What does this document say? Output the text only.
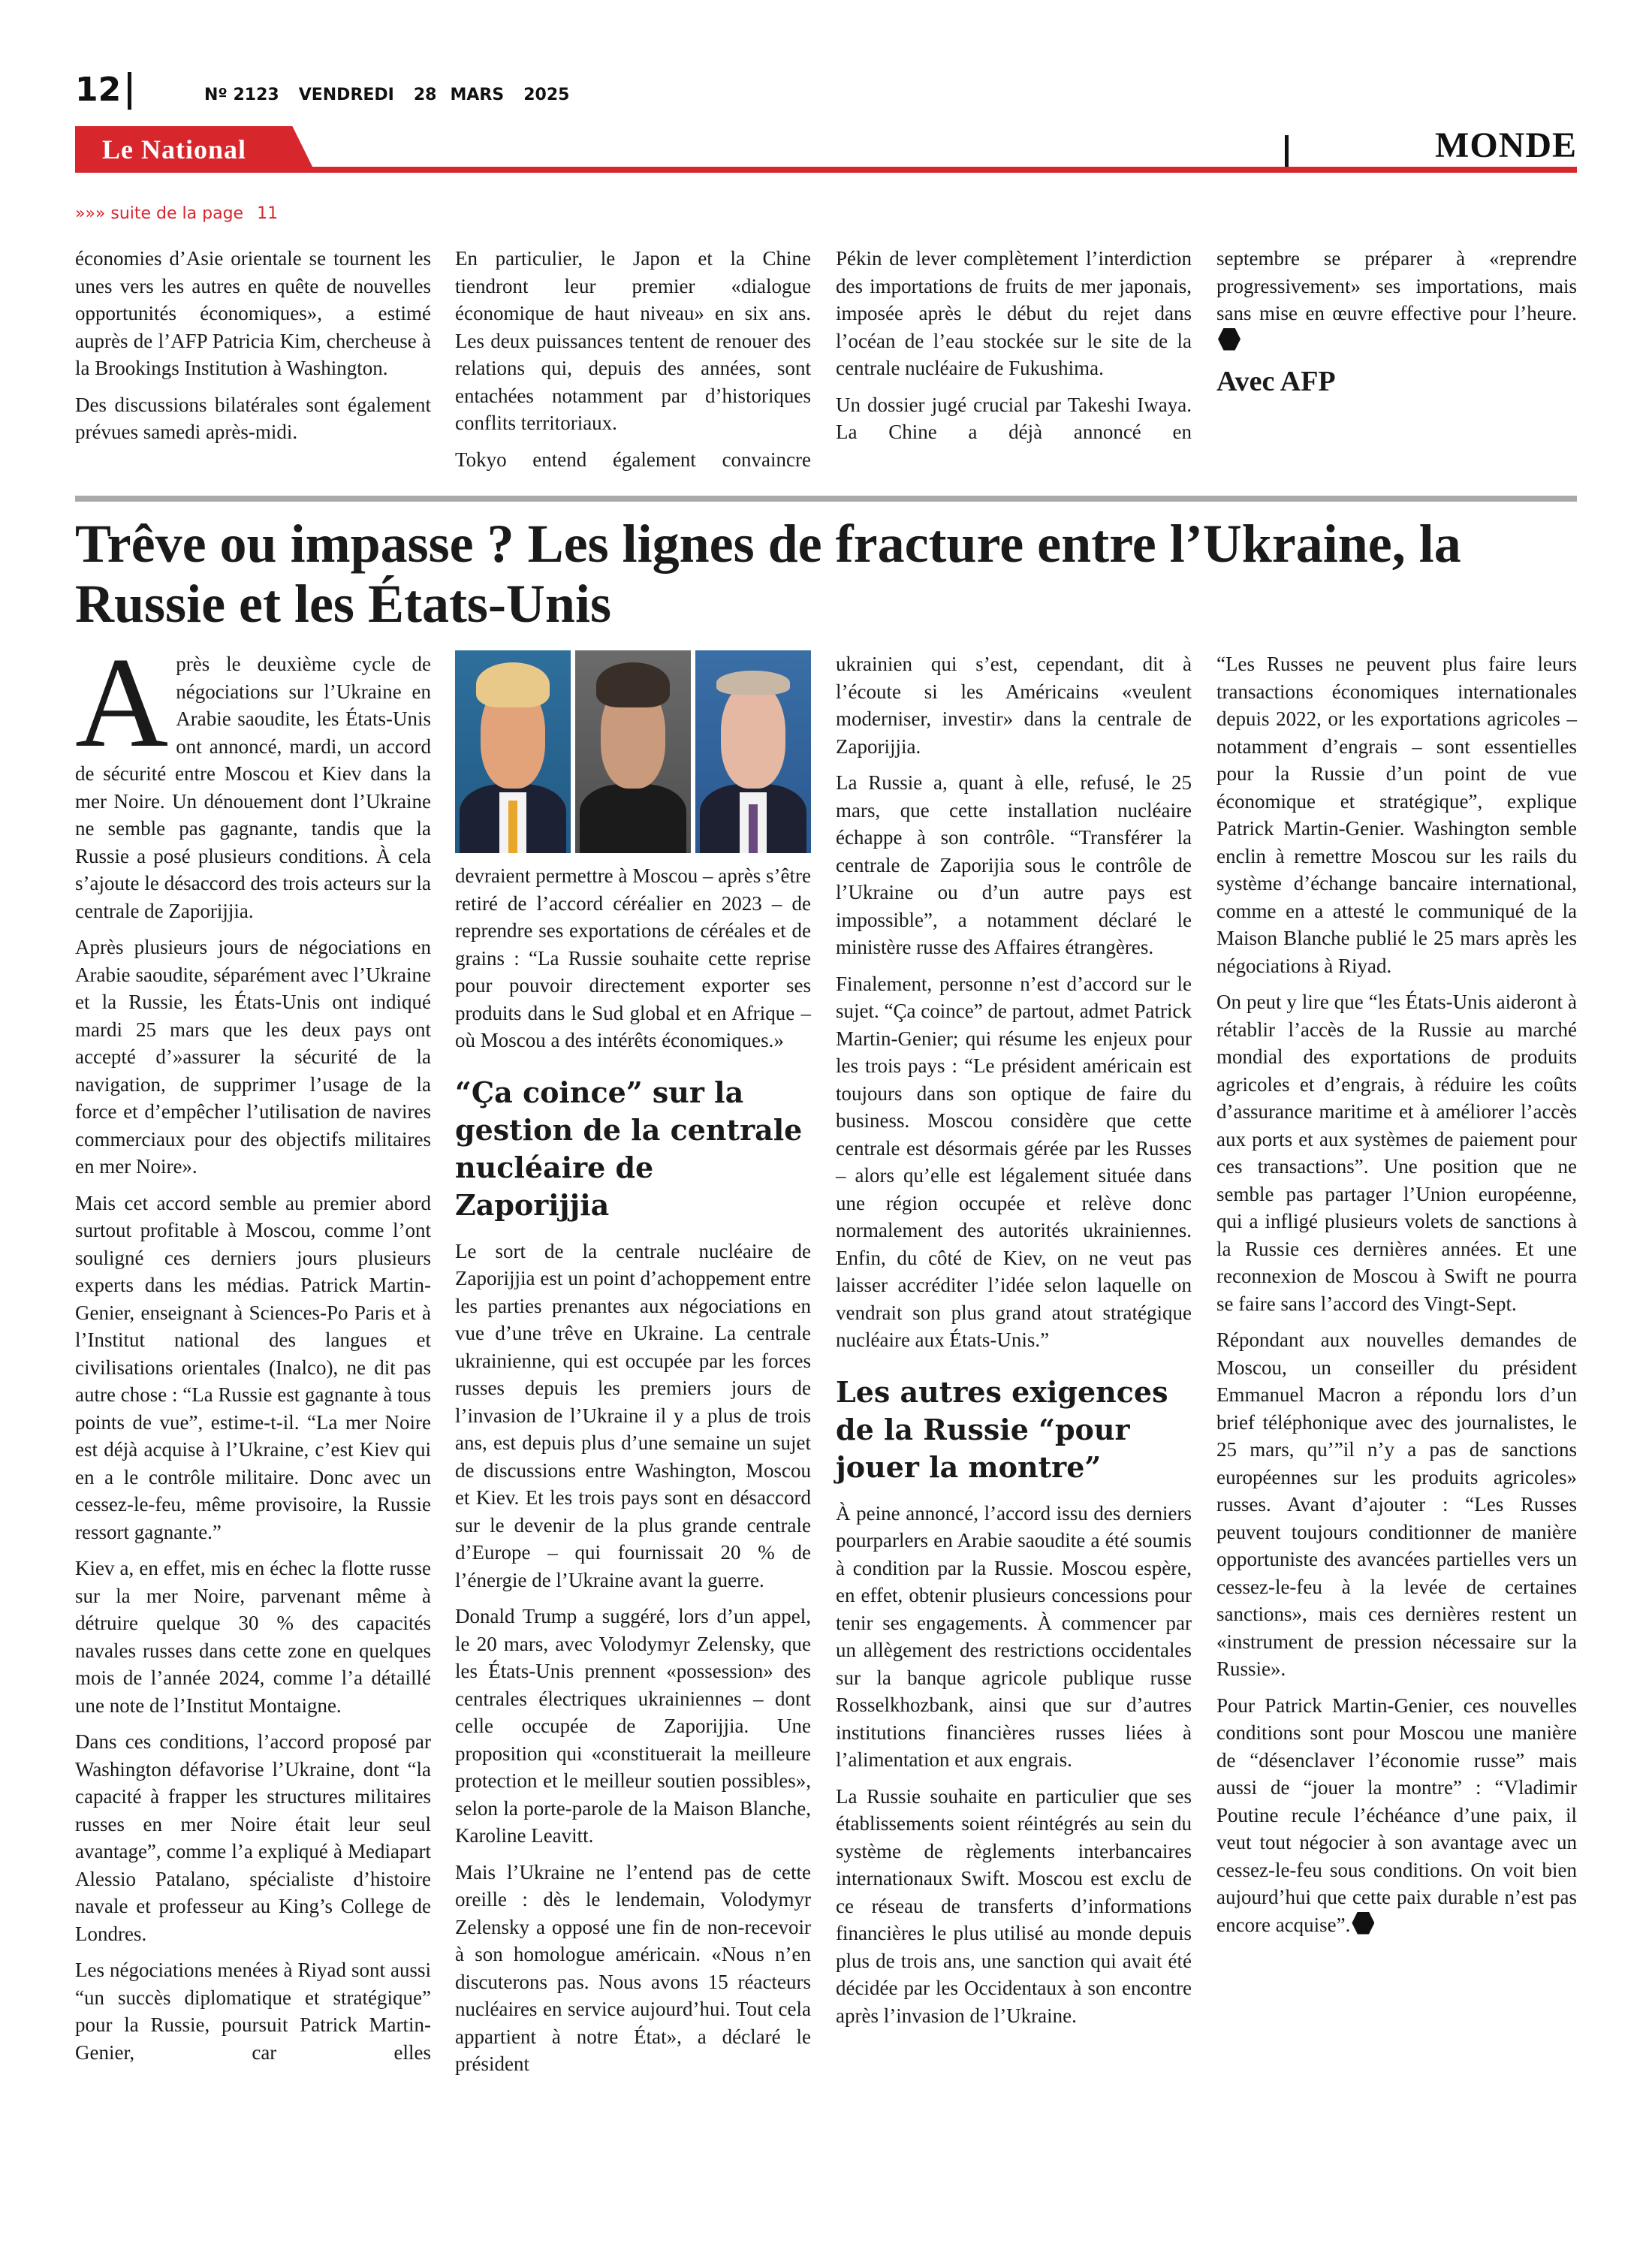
12	Nº 2123 VENDREDI 28 MARS 2025
Le National	MONDE
»»» suite de la page 11

économies d’Asie orientale se tournent les unes vers les autres en quête de nouvelles opportunités économiques», a estimé auprès de l’AFP Patricia Kim, chercheuse à la Brookings Institution à Washington.

Des discussions bilatérales sont également prévues samedi après-midi.

En particulier, le Japon et la Chine tiendront leur premier «dialogue économique de haut niveau» en six ans. Les deux puissances tentent de renouer des relations qui, depuis des années, sont entachées notamment par d’historiques conflits territoriaux.

Tokyo entend également convaincre

Pékin de lever complètement l’interdiction des importations de fruits de mer japonais, imposée après le début du rejet dans l’océan de l’eau stockée sur le site de la centrale nucléaire de Fukushima.

Un dossier jugé crucial par Takeshi Iwaya. La Chine a déjà annoncé en

septembre se préparer à «reprendre progressivement» ses importations, mais sans mise en œuvre effective pour l’heure.

Avec AFP
Trêve ou impasse ? Les lignes de fracture entre l’Ukraine, la Russie et les États-Unis

Après le deuxième cycle de négociations sur l’Ukraine en Arabie saoudite, les États-Unis ont annoncé, mardi, un accord de sécurité entre Moscou et Kiev dans la mer Noire. Un dénouement dont l’Ukraine ne semble pas gagnante, tandis que la Russie a posé plusieurs conditions. À cela s’ajoute le désaccord des trois acteurs sur la centrale de Zaporijjia.

Après plusieurs jours de négociations en Arabie saoudite, séparément avec l’Ukraine et la Russie, les États-Unis ont indiqué mardi 25 mars que les deux pays ont accepté d’»assurer la sécurité de la navigation, de supprimer l’usage de la force et d’empêcher l’utilisation de navires commerciaux pour des objectifs militaires en mer Noire».

Mais cet accord semble au premier abord surtout profitable à Moscou, comme l’ont souligné ces derniers jours plusieurs experts dans les médias. Patrick Martin-Genier, enseignant à Sciences-Po Paris et à l’Institut national des langues et civilisations orientales (Inalco), ne dit pas autre chose : “La Russie est gagnante à tous points de vue”, estime-t-il. “La mer Noire est déjà acquise à l’Ukraine, c’est Kiev qui en a le contrôle militaire. Donc avec un cessez-le-feu, même provisoire, la Russie ressort gagnante.”

Kiev a, en effet, mis en échec la flotte russe sur la mer Noire, parvenant même à détruire quelque 30 % des capacités navales russes dans cette zone en quelques mois de l’année 2024, comme l’a détaillé une note de l’Institut Montaigne.

Dans ces conditions, l’accord proposé par Washington défavorise l’Ukraine, dont “la capacité à frapper les structures militaires russes en mer Noire était leur seul avantage”, comme l’a expliqué à Mediapart Alessio Patalano, spécialiste d’histoire navale et professeur au King’s College de Londres.

Les négociations menées à Riyad sont aussi “un succès diplomatique et stratégique” pour la Russie, poursuit Patrick Martin-Genier, car elles

devraient permettre à Moscou – après s’être retiré de l’accord céréalier en 2023 – de reprendre ses exportations de céréales et de grains : “La Russie souhaite cette reprise pour pouvoir directement exporter ses produits dans le Sud global et en Afrique – où Moscou a des intérêts économiques.»

“Ça coince” sur la gestion de la centrale nucléaire de Zaporijjia

Le sort de la centrale nucléaire de Zaporijjia est un point d’achoppement entre les parties prenantes aux négociations en vue d’une trêve en Ukraine. La centrale ukrainienne, qui est occupée par les forces russes depuis les premiers jours de l’invasion de l’Ukraine il y a plus de trois ans, est depuis plus d’une semaine un sujet de discussions entre Washington, Moscou et Kiev. Et les trois pays sont en désaccord sur le devenir de la plus grande centrale d’Europe – qui fournissait 20 % de l’énergie de l’Ukraine avant la guerre.

Donald Trump a suggéré, lors d’un appel, le 20 mars, avec Volodymyr Zelensky, que les États-Unis prennent «possession» des centrales électriques ukrainiennes – dont celle occupée de Zaporijjia. Une proposition qui «constituerait la meilleure protection et le meilleur soutien possibles», selon la porte-parole de la Maison Blanche, Karoline Leavitt.

Mais l’Ukraine ne l’entend pas de cette oreille : dès le lendemain, Volodymyr Zelensky a opposé une fin de non-recevoir à son homologue américain. «Nous n’en discuterons pas. Nous avons 15 réacteurs nucléaires en service aujourd’hui. Tout cela appartient à notre État», a déclaré le président

ukrainien qui s’est, cependant, dit à l’écoute si les Américains «veulent moderniser, investir» dans la centrale de Zaporijjia.

La Russie a, quant à elle, refusé, le 25 mars, que cette installation nucléaire échappe à son contrôle. “Transférer la centrale de Zaporijia sous le contrôle de l’Ukraine ou d’un autre pays est impossible”, a notamment déclaré le ministère russe des Affaires étrangères.

Finalement, personne n’est d’accord sur le sujet. “Ça coince” de partout, admet Patrick Martin-Genier; qui résume les enjeux pour les trois pays : “Le président américain est toujours dans son optique de faire du business. Moscou considère que cette centrale est désormais gérée par les Russes – alors qu’elle est légalement située dans une région occupée et relève donc normalement des autorités ukrainiennes. Enfin, du côté de Kiev, on ne veut pas laisser accréditer l’idée selon laquelle on vendrait son plus grand atout stratégique nucléaire aux États-Unis.”

Les autres exigences de la Russie “pour jouer la montre”

À peine annoncé, l’accord issu des derniers pourparlers en Arabie saoudite a été soumis à condition par la Russie. Moscou espère, en effet, obtenir plusieurs concessions pour tenir ses engagements. À commencer par un allègement des restrictions occidentales sur la banque agricole publique russe Rosselkhozbank, ainsi que sur d’autres institutions financières russes liées à l’alimentation et aux engrais.

La Russie souhaite en particulier que ses établissements soient réintégrés au sein du système de règlements interbancaires internationaux Swift. Moscou est exclu de ce réseau de transferts d’informations financières le plus utilisé au monde depuis plus de trois ans, une sanction qui avait été décidée par les Occidentaux à son encontre après l’invasion de l’Ukraine.

“Les Russes ne peuvent plus faire leurs transactions économiques internationales depuis 2022, or les exportations agricoles – notamment d’engrais – sont essentielles pour la Russie d’un point de vue économique et stratégique”, explique Patrick Martin-Genier. Washington semble enclin à remettre Moscou sur les rails du système d’échange bancaire international, comme en a attesté le communiqué de la Maison Blanche publié le 25 mars après les négociations à Riyad.

On peut y lire que “les États-Unis aideront à rétablir l’accès de la Russie au marché mondial des exportations de produits agricoles et d’engrais, à réduire les coûts d’assurance maritime et à améliorer l’accès aux ports et aux systèmes de paiement pour ces transactions”. Une position que ne semble pas partager l’Union européenne, qui a infligé plusieurs volets de sanctions à la Russie ces dernières années. Et une reconnexion de Moscou à Swift ne pourra se faire sans l’accord des Vingt-Sept.

Répondant aux nouvelles demandes de Moscou, un conseiller du président Emmanuel Macron a répondu lors d’un brief téléphonique avec des journalistes, le 25 mars, qu’”il n’y a pas de sanctions européennes sur les produits agricoles» russes. Avant d’ajouter : “Les Russes peuvent toujours conditionner de manière opportuniste des avancées partielles vers un cessez-le-feu à la levée de certaines sanctions», mais ces dernières restent un «instrument de pression nécessaire sur la Russie».

Pour Patrick Martin-Genier, ces nouvelles conditions sont pour Moscou une manière de “désenclaver l’économie russe” mais aussi de “jouer la montre” : “Vladimir Poutine recule l’échéance d’une paix, il veut tout négocier à son avantage avec un cessez-le-feu sous conditions. On voit bien aujourd’hui que cette paix durable n’est pas encore acquise”.
